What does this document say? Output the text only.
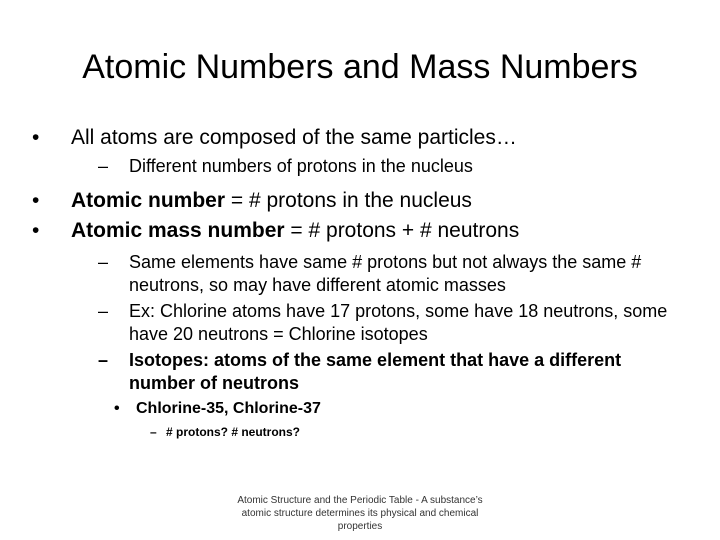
Atomic Numbers and Mass Numbers
•	All atoms are composed of the same particles…
– Different numbers of protons in the nucleus
•	Atomic number = # protons in the nucleus
•	Atomic mass number = # protons + # neutrons
– Same elements have same # protons but not always the same # neutrons, so may have different atomic masses
– Ex: Chlorine atoms have 17 protons, some have 18 neutrons, some have 20 neutrons = Chlorine isotopes
– Isotopes: atoms of the same element that have a different number of neutrons
• Chlorine-35, Chlorine-37
– # protons? # neutrons?
Atomic Structure and the Periodic Table - A substance’s atomic structure determines its physical and chemical properties
